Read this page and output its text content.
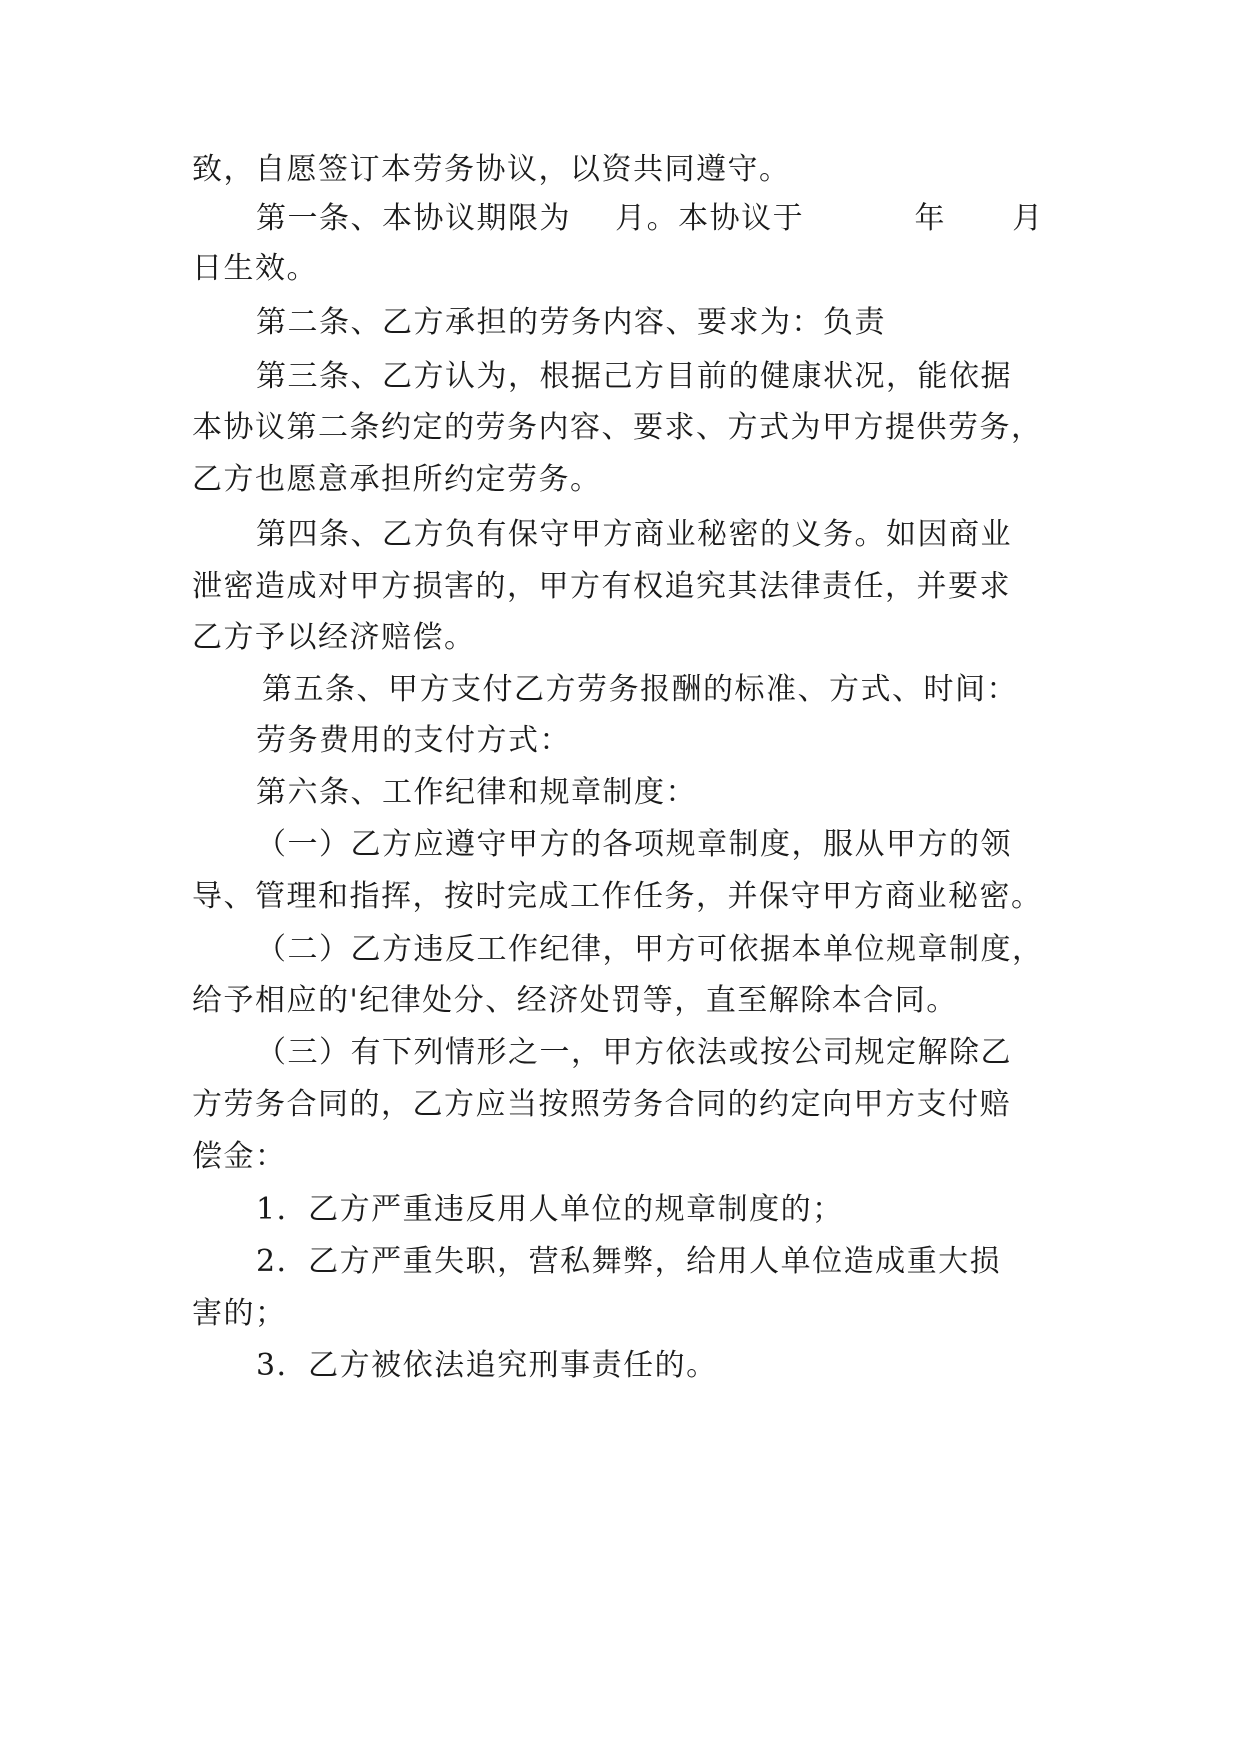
致，自愿签订本劳务协议，以资共同遵守。
第一条、本协议期限为    月。本协议于          年      月
日生效。
第二条、乙方承担的劳务内容、要求为：负责
第三条、乙方认为，根据己方目前的健康状况，能依据
本协议第二条约定的劳务内容、要求、方式为甲方提供劳务，
乙方也愿意承担所约定劳务。
第四条、乙方负有保守甲方商业秘密的义务。如因商业
泄密造成对甲方损害的，甲方有权追究其法律责任，并要求
乙方予以经济赔偿。
第五条、甲方支付乙方劳务报酬的标准、方式、时间：
劳务费用的支付方式：
第六条、工作纪律和规章制度：
（一）乙方应遵守甲方的各项规章制度，服从甲方的领
导、管理和指挥，按时完成工作任务，并保守甲方商业秘密。
（二）乙方违反工作纪律，甲方可依据本单位规章制度，
给予相应的'纪律处分、经济处罚等，直至解除本合同。
（三）有下列情形之一，甲方依法或按公司规定解除乙
方劳务合同的，乙方应当按照劳务合同的约定向甲方支付赔
偿金：
1．乙方严重违反用人单位的规章制度的；
2．乙方严重失职，营私舞弊，给用人单位造成重大损
害的；
3．乙方被依法追究刑事责任的。
